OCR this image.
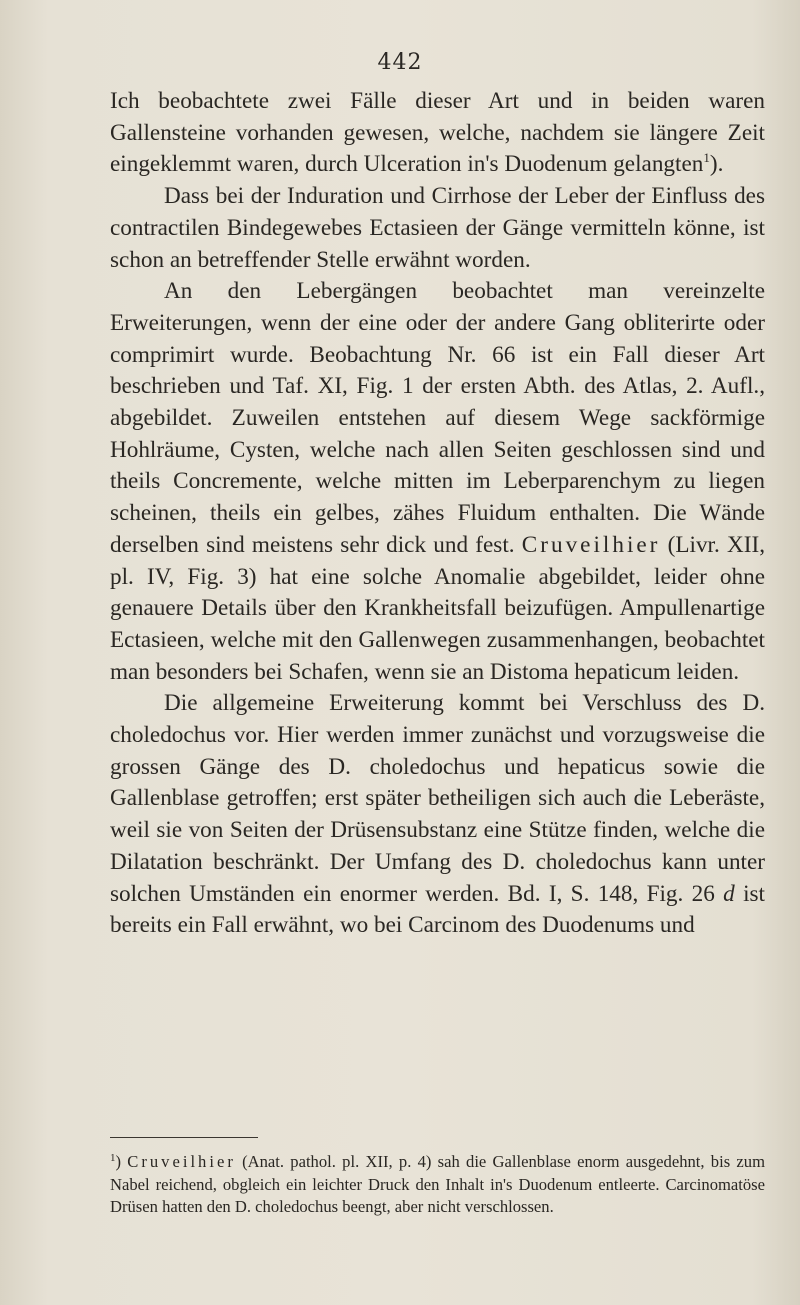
442

Ich beobachtete zwei Fälle dieser Art und in beiden waren Gallensteine vorhanden gewesen, welche, nachdem sie längere Zeit eingeklemmt waren, durch Ulceration in's Duodenum gelangten$^1$).

Dass bei der Induration und Cirrhose der Leber der Einfluss des contractilen Bindegewebes Ectasieen der Gänge vermitteln könne, ist schon an betreffender Stelle erwähnt worden.

An den Lebergängen beobachtet man vereinzelte Erweiterungen, wenn der eine oder der andere Gang obliterirte oder comprimirt wurde. Beobachtung Nr. 66 ist ein Fall dieser Art beschrieben und Taf. XI, Fig. 1 der ersten Abth. des Atlas, 2. Aufl., abgebildet. Zuweilen entstehen auf diesem Wege sackförmige Hohlräume, Cysten, welche nach allen Seiten geschlossen sind und theils Concremente, welche mitten im Leberparenchym zu liegen scheinen, theils ein gelbes, zähes Fluidum enthalten. Die Wände derselben sind meistens sehr dick und fest. Cruveilhier (Livr. XII, pl. IV, Fig. 3) hat eine solche Anomalie abgebildet, leider ohne genauere Details über den Krankheitsfall beizufügen. Ampullenartige Ectasieen, welche mit den Gallenwegen zusammenhangen, beobachtet man besonders bei Schafen, wenn sie an Distoma hepaticum leiden.

Die allgemeine Erweiterung kommt bei Verschluss des D. choledochus vor. Hier werden immer zunächst und vorzugsweise die grossen Gänge des D. choledochus und hepaticus sowie die Gallenblase getroffen; erst später betheiligen sich auch die Leberäste, weil sie von Seiten der Drüsensubstanz eine Stütze finden, welche die Dilatation beschränkt. Der Umfang des D. choledochus kann unter solchen Umständen ein enormer werden. Bd. I, S. 148, Fig. 26 d ist bereits ein Fall erwähnt, wo bei Carcinom des Duodenums und

$^1$) Cruveilhier (Anat. pathol. pl. XII, p. 4) sah die Gallenblase enorm ausgedehnt, bis zum Nabel reichend, obgleich ein leichter Druck den Inhalt in's Duodenum entleerte. Carcinomatöse Drüsen hatten den D. choledochus beengt, aber nicht verschlossen.
